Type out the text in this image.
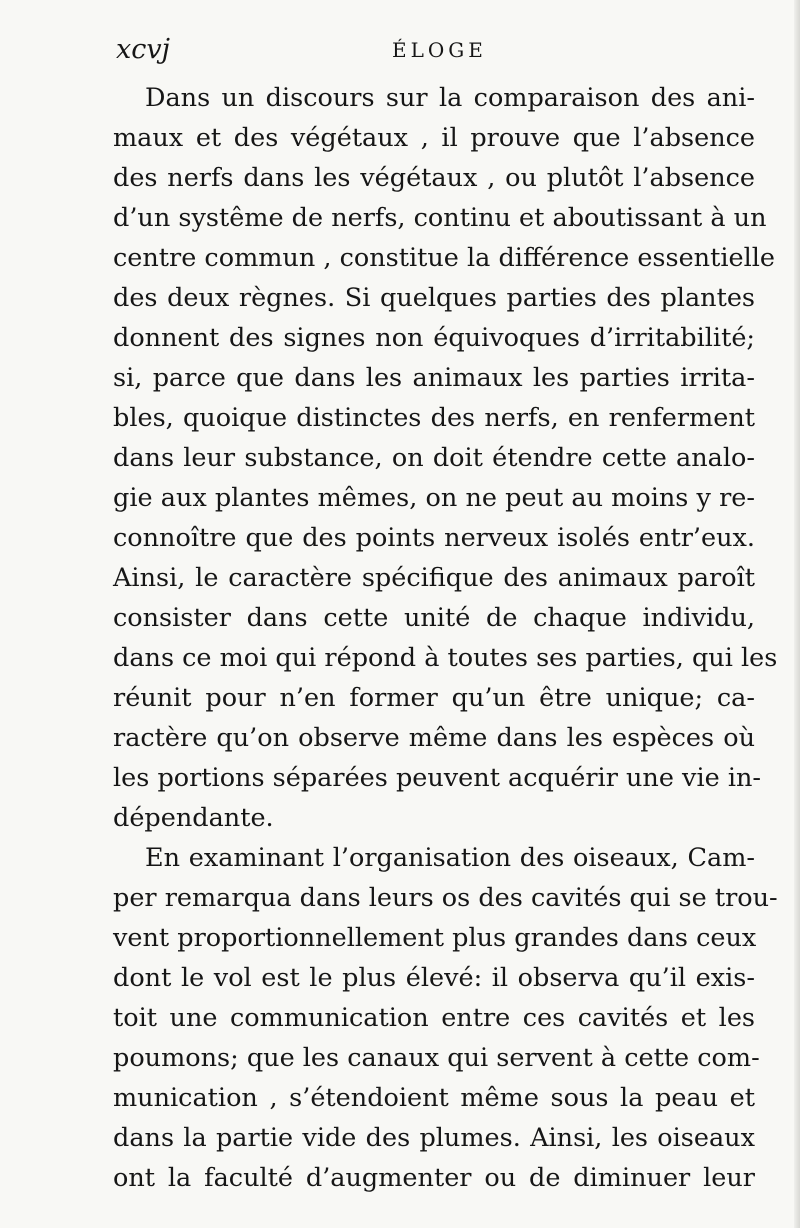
xcvj	ÉLOGE
Dans un discours sur la comparaison des ani-
maux et des végétaux , il prouve que l’absence
des nerfs dans les végétaux , ou plutôt l’absence
d’un systême de nerfs, continu et aboutissant à un
centre commun , constitue la différence essentielle
des deux règnes. Si quelques parties des plantes
donnent des signes non équivoques d’irritabilité;
si, parce que dans les animaux les parties irrita-
bles, quoique distinctes des nerfs, en renferment
dans leur substance, on doit étendre cette analo-
gie aux plantes mêmes, on ne peut au moins y re-
connoître que des points nerveux isolés entr’eux.
Ainsi, le caractère spécifique des animaux paroît
consister dans cette unité de chaque individu,
dans ce moi qui répond à toutes ses parties, qui les
réunit pour n’en former qu’un être unique; ca-
ractère qu’on observe même dans les espèces où
les portions séparées peuvent acquérir une vie in-
dépendante.
En examinant l’organisation des oiseaux, Cam-
per remarqua dans leurs os des cavités qui se trou-
vent proportionnellement plus grandes dans ceux
dont le vol est le plus élevé: il observa qu’il exis-
toit une communication entre ces cavités et les
poumons; que les canaux qui servent à cette com-
munication , s’étendoient même sous la peau et
dans la partie vide des plumes. Ainsi, les oiseaux
ont la faculté d’augmenter ou de diminuer leur
